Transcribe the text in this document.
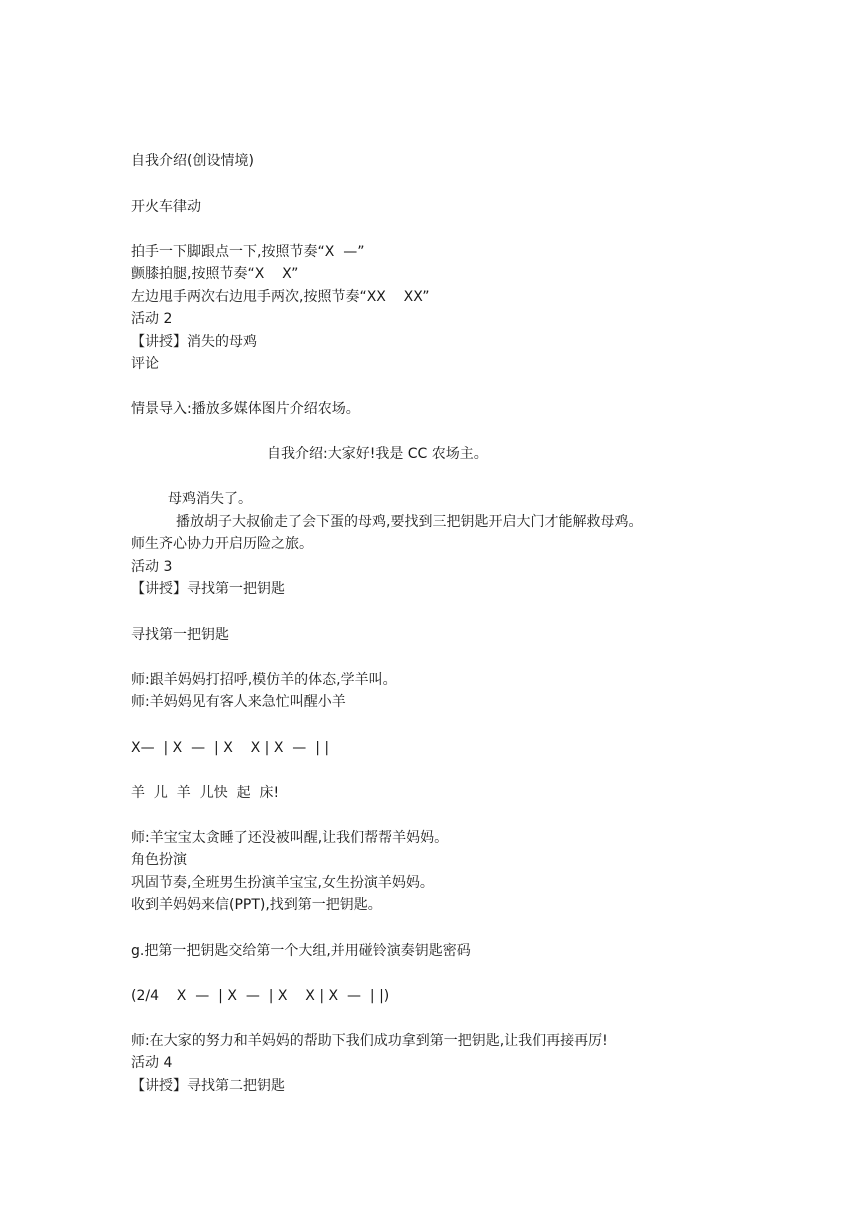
自我介绍(创设情境)
开火车律动
拍手一下脚跟点一下,按照节奏“X  —”
颤膝拍腿,按照节奏“X    X”
左边甩手两次右边甩手两次,按照节奏“XX    XX”
活动 2
【讲授】消失的母鸡
评论
情景导入:播放多媒体图片介绍农场。
自我介绍:大家好!我是 CC 农场主。
母鸡消失了。
播放胡子大叔偷走了会下蛋的母鸡,要找到三把钥匙开启大门才能解救母鸡。
师生齐心协力开启历险之旅。
活动 3
【讲授】寻找第一把钥匙
寻找第一把钥匙
师:跟羊妈妈打招呼,模仿羊的体态,学羊叫。
师:羊妈妈见有客人来急忙叫醒小羊
X—  | X  —  | X    X | X  —  | |
羊  儿  羊  儿快  起  床!
师:羊宝宝太贪睡了还没被叫醒,让我们帮帮羊妈妈。
角色扮演
巩固节奏,全班男生扮演羊宝宝,女生扮演羊妈妈。
收到羊妈妈来信(PPT),找到第一把钥匙。
g.把第一把钥匙交给第一个大组,并用碰铃演奏钥匙密码
(2/4    X  —  | X  —  | X    X | X  —  | |)
师:在大家的努力和羊妈妈的帮助下我们成功拿到第一把钥匙,让我们再接再厉!
活动 4
【讲授】寻找第二把钥匙
